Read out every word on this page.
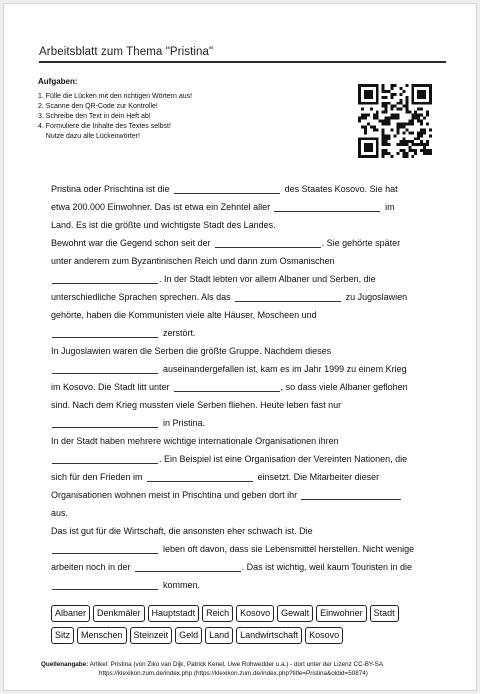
Arbeitsblatt zum Thema "Pristina"
Aufgaben:
1. Fülle die Lücken mit den richtigen Wörtern aus!
2. Scanne den QR-Code zur Kontrolle!
3. Schreibe den Text in dein Heft ab!
4. Formuliere die Inhalte des Textes selbst!
Nutze dazu alle Lückenwörter!
Pristina oder Prischtina ist die	des Staates Kosovo. Sie hat
etwa 200.000 Einwohner. Das ist etwa ein Zehntel aller	im
Land. Es ist die größte und wichtigste Stadt des Landes.
Bewohnt war die Gegend schon seit der	. Sie gehörte später
unter anderem zum Byzantinischen Reich und dann zum Osmanischen
. In der Stadt lebten vor allem Albaner und Serben, die
unterschiedliche Sprachen sprechen. Als das	zu Jugoslawien
gehörte, haben die Kommunisten viele alte Häuser, Moscheen und
zerstört.
In Jugoslawien waren die Serben die größte Gruppe. Nachdem dieses
auseinandergefallen ist, kam es im Jahr 1999 zu einem Krieg
im Kosovo. Die Stadt litt unter	, so dass viele Albaner geflohen
sind. Nach dem Krieg mussten viele Serben fliehen. Heute leben fast nur
in Pristina.
In der Stadt haben mehrere wichtige internationale Organisationen ihren
. Ein Beispiel ist eine Organisation der Vereinten Nationen, die
sich für den Frieden im	einsetzt. Die Mitarbeiter dieser
Organisationen wohnen meist in Prischtina und geben dort ihr
aus.
Das ist gut für die Wirtschaft, die ansonsten eher schwach ist. Die
leben oft davon, dass sie Lebensmittel herstellen. Nicht wenige
arbeiten noch in der	. Das ist wichtig, weil kaum Touristen in die
kommen.
Albaner	Denkmäler	Hauptstadt	Reich	Kosovo	Gewalt	Einwohner	Stadt
Sitz	Menschen	Steinzeit	Geld	Land	Landwirtschaft	Kosovo
Quellenangabe: Artikel: Pristina (von Ziko van Dijk, Patrick Kenel, Uwe Rohwedder u.a.) - dort unter der Lizenz CC-BY-SA
https://klexikon.zum.de/index.php (https://klexikon.zum.de/index.php?title=Pristina&oldid=50874)
